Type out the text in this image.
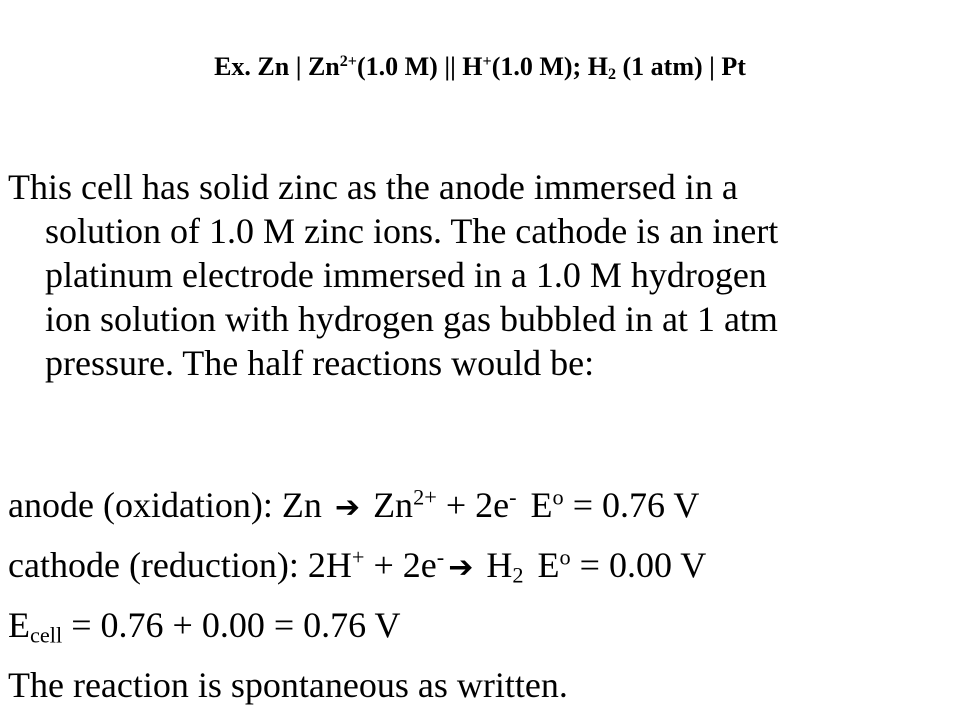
Ex. Zn | $Zn^{2+}(1.0$ M) || H+(1.0 M); $H_2$ (1 atm) | Pt
This cell has solid zinc as the anode immersed in a
solution of 1.0 M zinc ions. The cathode is an inert
platinum electrode immersed in a 1.0 M hydrogen
ion solution with hydrogen gas bubbled in at 1 atm
pressure. The half reactions would be:
anode (oxidation): Zn ➔ $Zn^{2+} + 2e^-$ $E^o = 0.76$ V
cathode (reduction): 2H+ + 2e- ➔ $H_2$ $E^o = 0.00$ V
$E_{cell} = 0.76 + 0.00 = 0.76$ V
The reaction is spontaneous as written.
